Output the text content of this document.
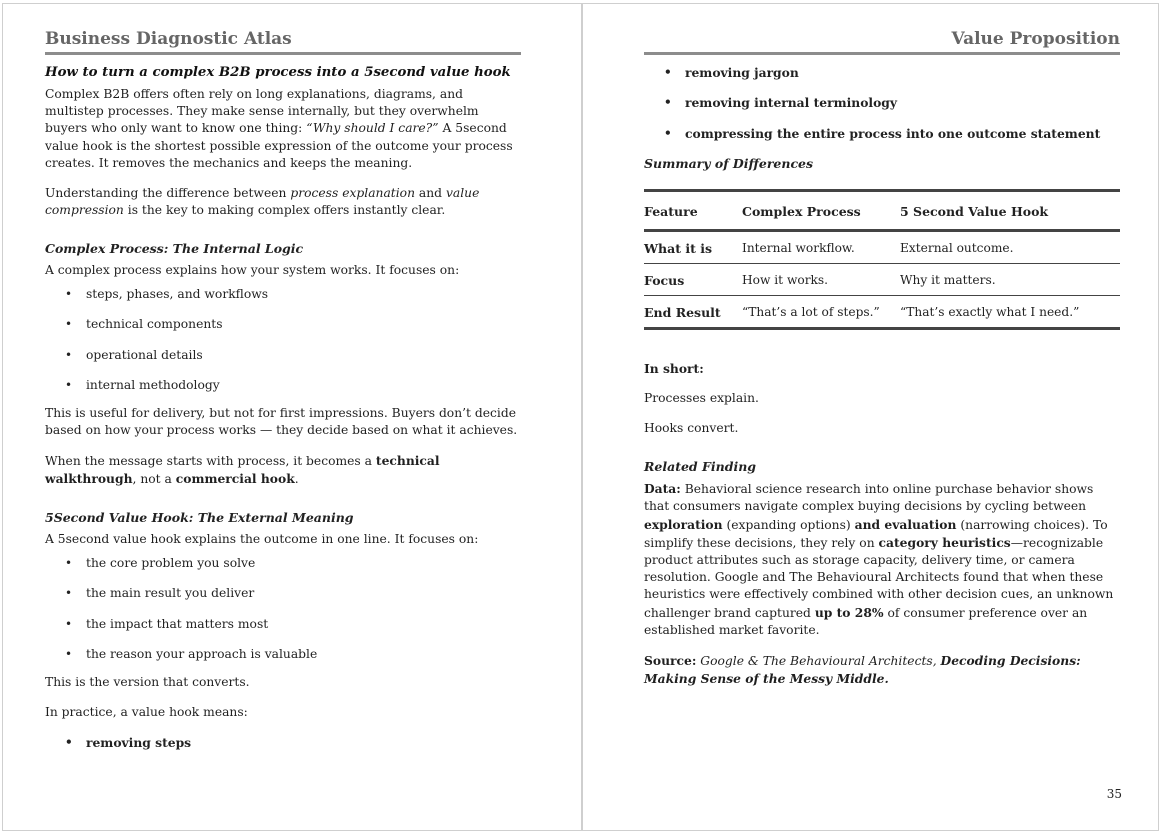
Business Diagnostic Atlas
How to turn a complex B2B process into a 5second value hook

Complex B2B offers often rely on long explanations, diagrams, and multistep processes. They make sense internally, but they overwhelm buyers who only want to know one thing: “Why should I care?” A 5second value hook is the shortest possible expression of the outcome your process creates. It removes the mechanics and keeps the meaning.

Understanding the difference between process explanation and value compression is the key to making complex offers instantly clear.

Complex Process: The Internal Logic

A complex process explains how your system works. It focuses on:

• steps, phases, and workflows
• technical components
• operational details
• internal methodology

This is useful for delivery, but not for first impressions. Buyers don’t decide based on how your process works — they decide based on what it achieves.

When the message starts with process, it becomes a technical walkthrough, not a commercial hook.

5Second Value Hook: The External Meaning

A 5second value hook explains the outcome in one line. It focuses on:

• the core problem you solve
• the main result you deliver
• the impact that matters most
• the reason your approach is valuable

This is the version that converts.

In practice, a value hook means:

• removing steps
Value Proposition
• removing jargon
• removing internal terminology
• compressing the entire process into one outcome statement
Summary of Differences
Feature	Complex Process	5 Second Value Hook
What it is	Internal workflow.	External outcome.
Focus	How it works.	Why it matters.
End Result	“That’s a lot of steps.”	“That’s exactly what I need.”

In short:

Processes explain.

Hooks convert.

Related Finding

Data: Behavioral science research into online purchase behavior shows that consumers navigate complex buying decisions by cycling between exploration (expanding options) and evaluation (narrowing choices). To simplify these decisions, they rely on category heuristics—recognizable product attributes such as storage capacity, delivery time, or camera resolution. Google and The Behavioural Architects found that when these heuristics were effectively combined with other decision cues, an unknown challenger brand captured up to 28% of consumer preference over an established market favorite.

Source: Google & The Behavioural Architects, Decoding Decisions: Making Sense of the Messy Middle.

35
